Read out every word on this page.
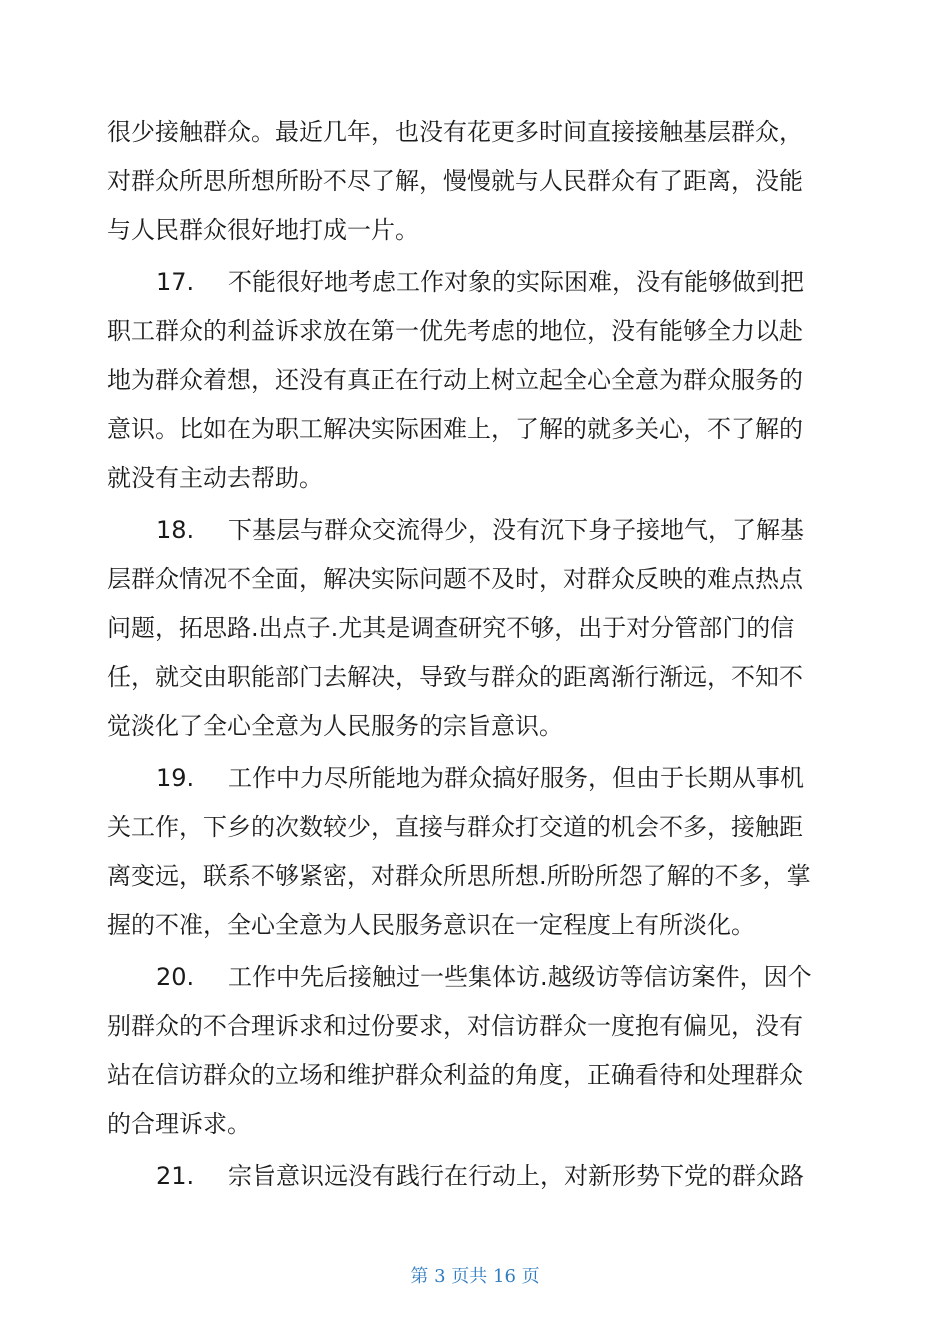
很少接触群众。最近几年，也没有花更多时间直接接触基层群众，
对群众所思所想所盼不尽了解，慢慢就与人民群众有了距离，没能
与人民群众很好地打成一片。
17. 不能很好地考虑工作对象的实际困难，没有能够做到把
职工群众的利益诉求放在第一优先考虑的地位，没有能够全力以赴
地为群众着想，还没有真正在行动上树立起全心全意为群众服务的
意识。比如在为职工解决实际困难上，了解的就多关心，不了解的
就没有主动去帮助。
18. 下基层与群众交流得少，没有沉下身子接地气，了解基
层群众情况不全面，解决实际问题不及时，对群众反映的难点热点
问题，拓思路.出点子.尤其是调查研究不够，出于对分管部门的信
任，就交由职能部门去解决，导致与群众的距离渐行渐远，不知不
觉淡化了全心全意为人民服务的宗旨意识。
19. 工作中力尽所能地为群众搞好服务，但由于长期从事机
关工作，下乡的次数较少，直接与群众打交道的机会不多，接触距
离变远，联系不够紧密，对群众所思所想.所盼所怨了解的不多，掌
握的不准，全心全意为人民服务意识在一定程度上有所淡化。
20. 工作中先后接触过一些集体访.越级访等信访案件，因个
别群众的不合理诉求和过份要求，对信访群众一度抱有偏见，没有
站在信访群众的立场和维护群众利益的角度，正确看待和处理群众
的合理诉求。
21. 宗旨意识远没有践行在行动上，对新形势下党的群众路
第 3 页共 16 页
